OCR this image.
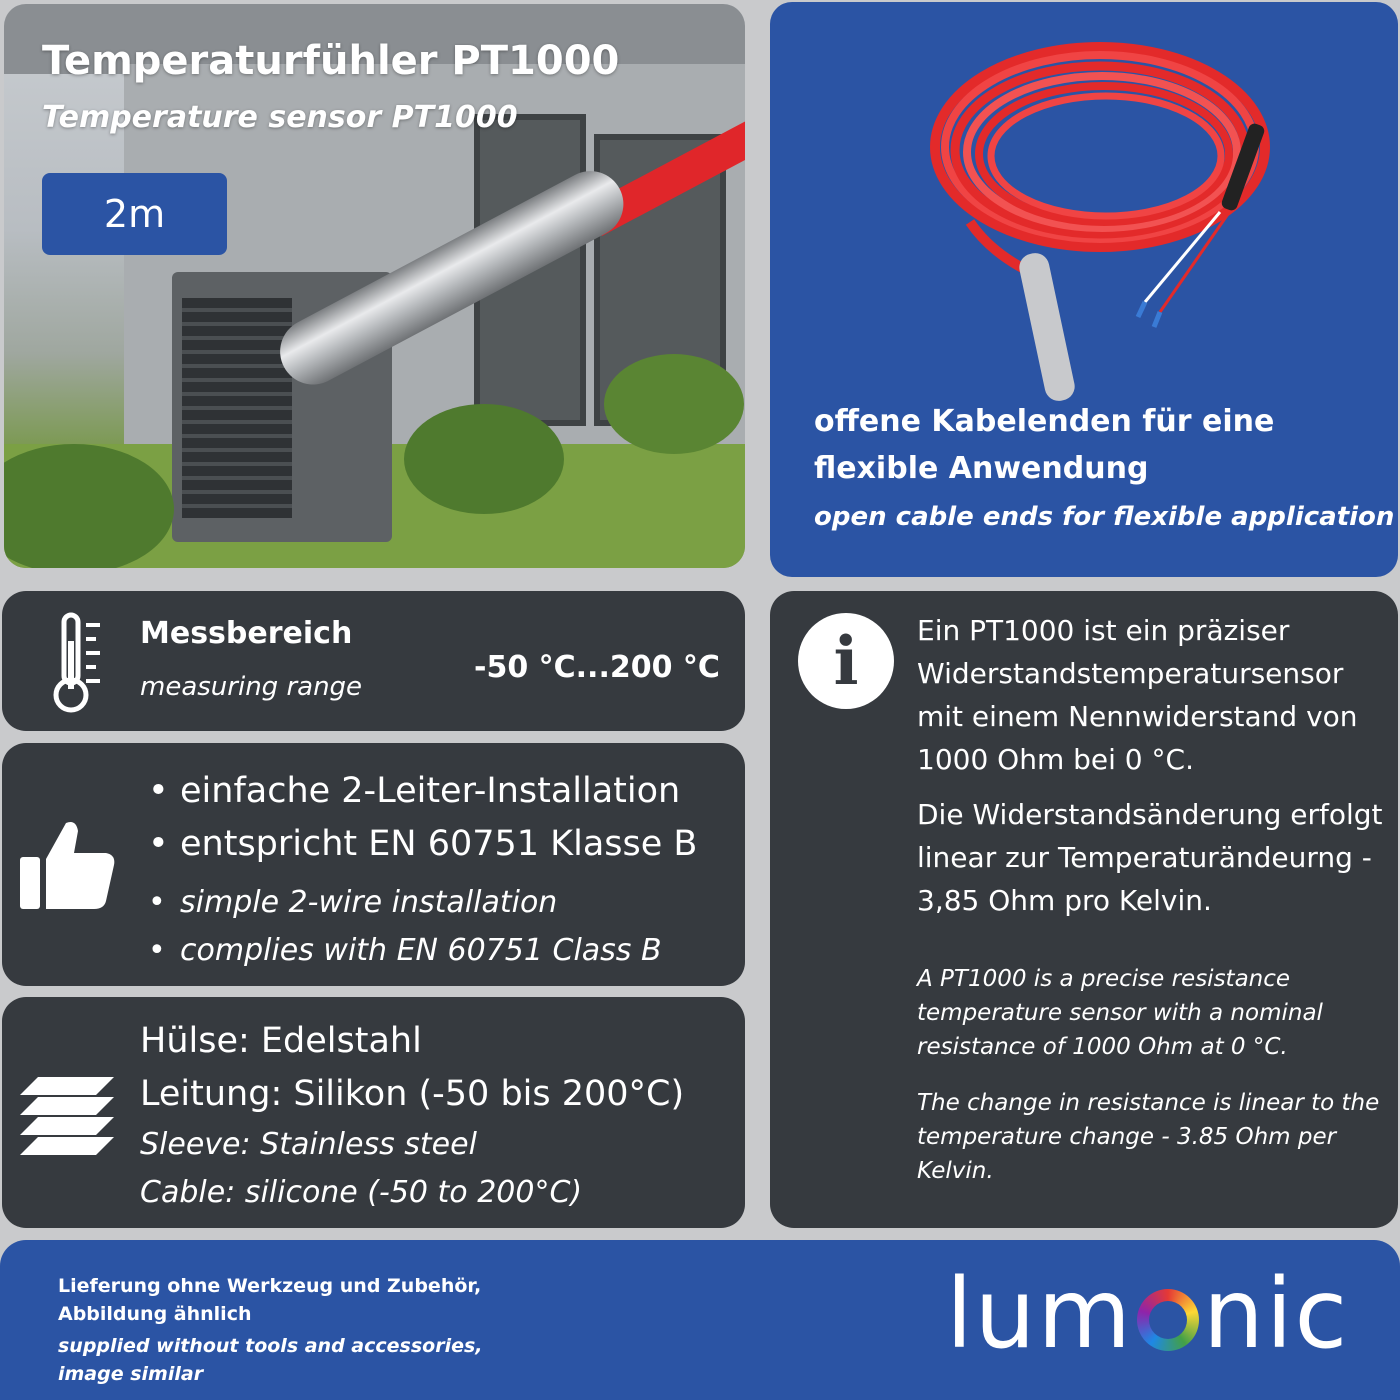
Temperaturfühler PT1000
Temperature sensor PT1000
2m
offene Kabelenden für eine flexible Anwendung
open cable ends for flexible application
Messbereich
measuring range
-50 °C...200 °C
• einfache 2-Leiter-Installation
• entspricht EN 60751 Klasse B
• simple 2-wire installation
• complies with EN 60751 Class B
Hülse: Edelstahl
Leitung: Silikon (-50 bis 200°C)
Sleeve: Stainless steel
Cable: silicone (-50 to 200°C)
i Ein PT1000 ist ein präziser Widerstandstemperatursensor mit einem Nennwiderstand von 1000 Ohm bei 0 °C.

Die Widerstandsänderung erfolgt linear zur Temperaturändeurng - 3,85 Ohm pro Kelvin.

A PT1000 is a precise resistance temperature sensor with a nominal resistance of 1000 Ohm at 0 °C.

The change in resistance is linear to the temperature change - 3.85 Ohm per Kelvin.

Lieferung ohne Werkzeug und Zubehör, Abbildung ähnlich
supplied without tools and accessories, image similar
lum nic
